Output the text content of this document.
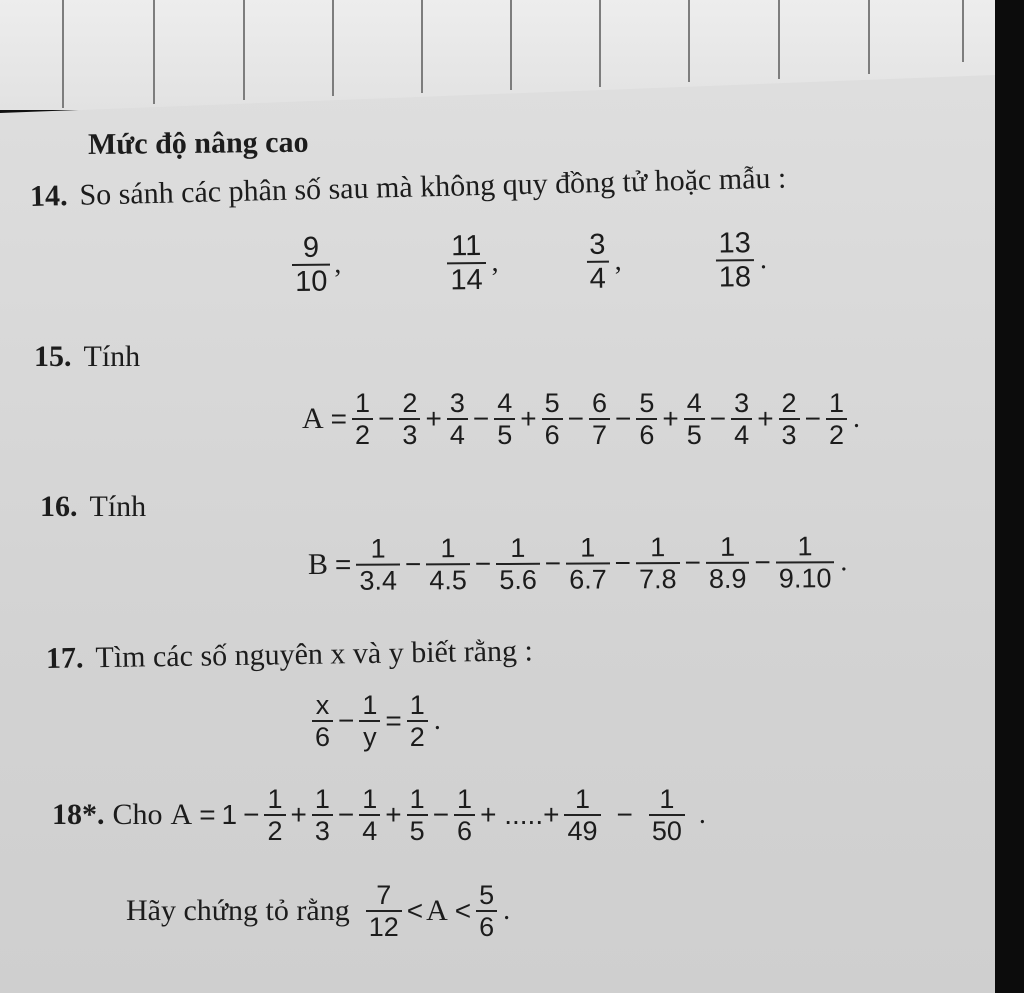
Mức độ nâng cao
14. So sánh các phân số sau mà không quy đồng tử hoặc mẫu :
$\frac{9}{10}$ ,	$\frac{11}{14}$ ,	$\frac{3}{4}$ ,	$\frac{13}{18}$ .
15. Tính
$A = \frac{1}{2} - \frac{2}{3} + \frac{3}{4} - \frac{4}{5} + \frac{5}{6} - \frac{6}{7} - \frac{5}{6} + \frac{4}{5} - \frac{3}{4} + \frac{2}{3} - \frac{1}{2}$ .
16. Tính
$B = \frac{1}{3.4} - \frac{1}{4.5} - \frac{1}{5.6} - \frac{1}{6.7} - \frac{1}{7.8} - \frac{1}{8.9} - \frac{1}{9.10}$ .
17. Tìm các số nguyên x và y biết rằng :
$\frac{x}{6} - \frac{1}{y} = \frac{1}{2}$ .
18*. Cho $A = 1 - \frac{1}{2} + \frac{1}{3} - \frac{1}{4} + \frac{1}{5} - \frac{1}{6}$ + .....+ $\frac{1}{49} - \frac{1}{50}$ .
Hãy chứng tỏ rằng $\frac{7}{12} < A < \frac{5}{6}$ .
